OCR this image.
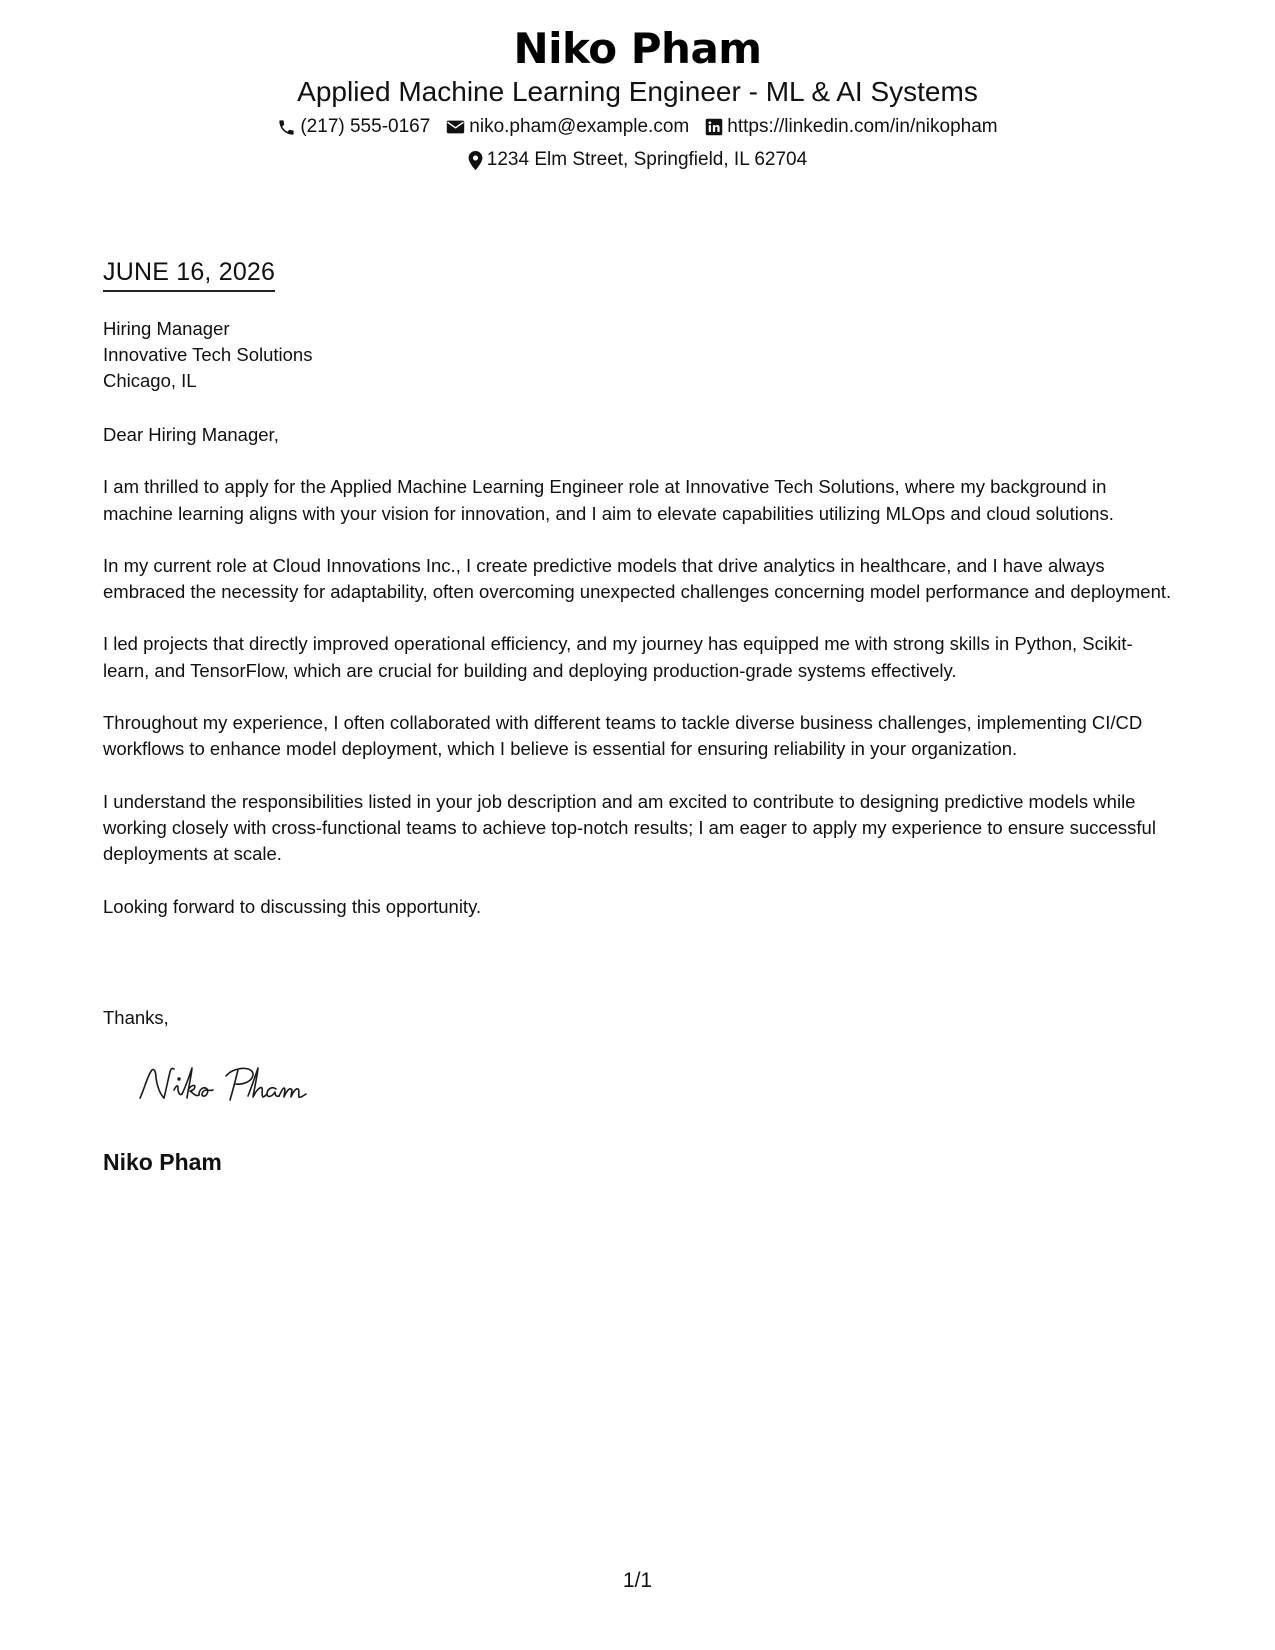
Niko Pham
Applied Machine Learning Engineer - ML & AI Systems
(217) 555-0167 niko.pham@example.com https://linkedin.com/in/nikopham
1234 Elm Street, Springfield, IL 62704
JUNE 16, 2026
Hiring Manager
Innovative Tech Solutions
Chicago, IL

Dear Hiring Manager,

I am thrilled to apply for the Applied Machine Learning Engineer role at Innovative Tech Solutions, where my background in machine learning aligns with your vision for innovation, and I aim to elevate capabilities utilizing MLOps and cloud solutions.

In my current role at Cloud Innovations Inc., I create predictive models that drive analytics in healthcare, and I have always embraced the necessity for adaptability, often overcoming unexpected challenges concerning model performance and deployment.

I led projects that directly improved operational efficiency, and my journey has equipped me with strong skills in Python, Scikit-learn, and TensorFlow, which are crucial for building and deploying production-grade systems effectively.

Throughout my experience, I often collaborated with different teams to tackle diverse business challenges, implementing CI/CD workflows to enhance model deployment, which I believe is essential for ensuring reliability in your organization.

I understand the responsibilities listed in your job description and am excited to contribute to designing predictive models while working closely with cross-functional teams to achieve top-notch results; I am eager to apply my experience to ensure successful deployments at scale.

Looking forward to discussing this opportunity.

Thanks,
Niko Pham
1/1
